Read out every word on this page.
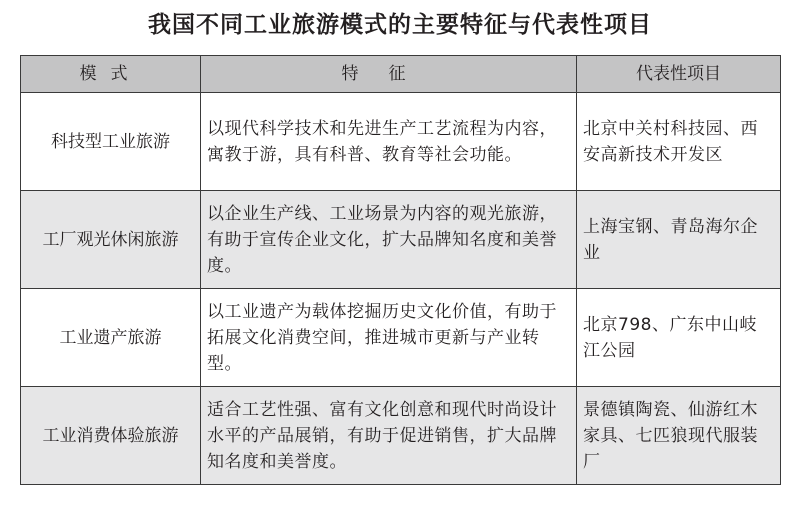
我国不同工业旅游模式的主要特征与代表性项目
模式	特征	代表性项目
科技型工业旅游	以现代科学技术和先进生产工艺流程为内容，寓教于游，具有科普、教育等社会功能。	北京中关村科技园、西安高新技术开发区
工厂观光休闲旅游	以企业生产线、工业场景为内容的观光旅游，有助于宣传企业文化，扩大品牌知名度和美誉度。	上海宝钢、青岛海尔企业
工业遗产旅游	以工业遗产为载体挖掘历史文化价值，有助于拓展文化消费空间，推进城市更新与产业转型。	北京798、广东中山岐江公园
工业消费体验旅游	适合工艺性强、富有文化创意和现代时尚设计水平的产品展销，有助于促进销售，扩大品牌知名度和美誉度。	景德镇陶瓷、仙游红木家具、七匹狼现代服装厂
